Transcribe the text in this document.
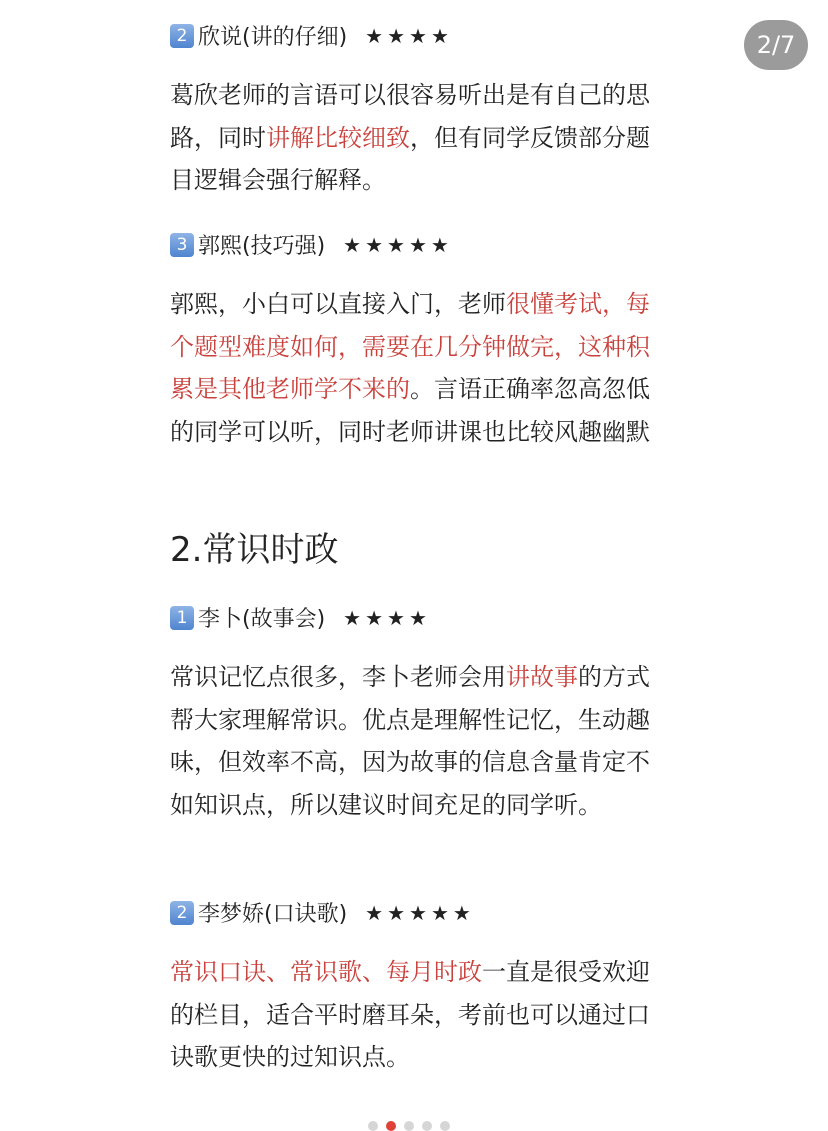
2/7
2 欣说(讲的仔细) ★★★★
葛欣老师的言语可以很容易听出是有自己的思路，同时讲解比较细致，但有同学反馈部分题目逻辑会强行解释。
3 郭熙(技巧强) ★★★★★
郭熙，小白可以直接入门，老师很懂考试，每个题型难度如何，需要在几分钟做完，这种积累是其他老师学不来的。言语正确率忽高忽低的同学可以听，同时老师讲课也比较风趣幽默
2.常识时政
1 李卜(故事会) ★★★★
常识记忆点很多，李卜老师会用讲故事的方式帮大家理解常识。优点是理解性记忆，生动趣味，但效率不高，因为故事的信息含量肯定不如知识点，所以建议时间充足的同学听。
2 李梦娇(口诀歌) ★★★★★
常识口诀、常识歌、每月时政一直是很受欢迎的栏目，适合平时磨耳朵，考前也可以通过口诀歌更快的过知识点。
